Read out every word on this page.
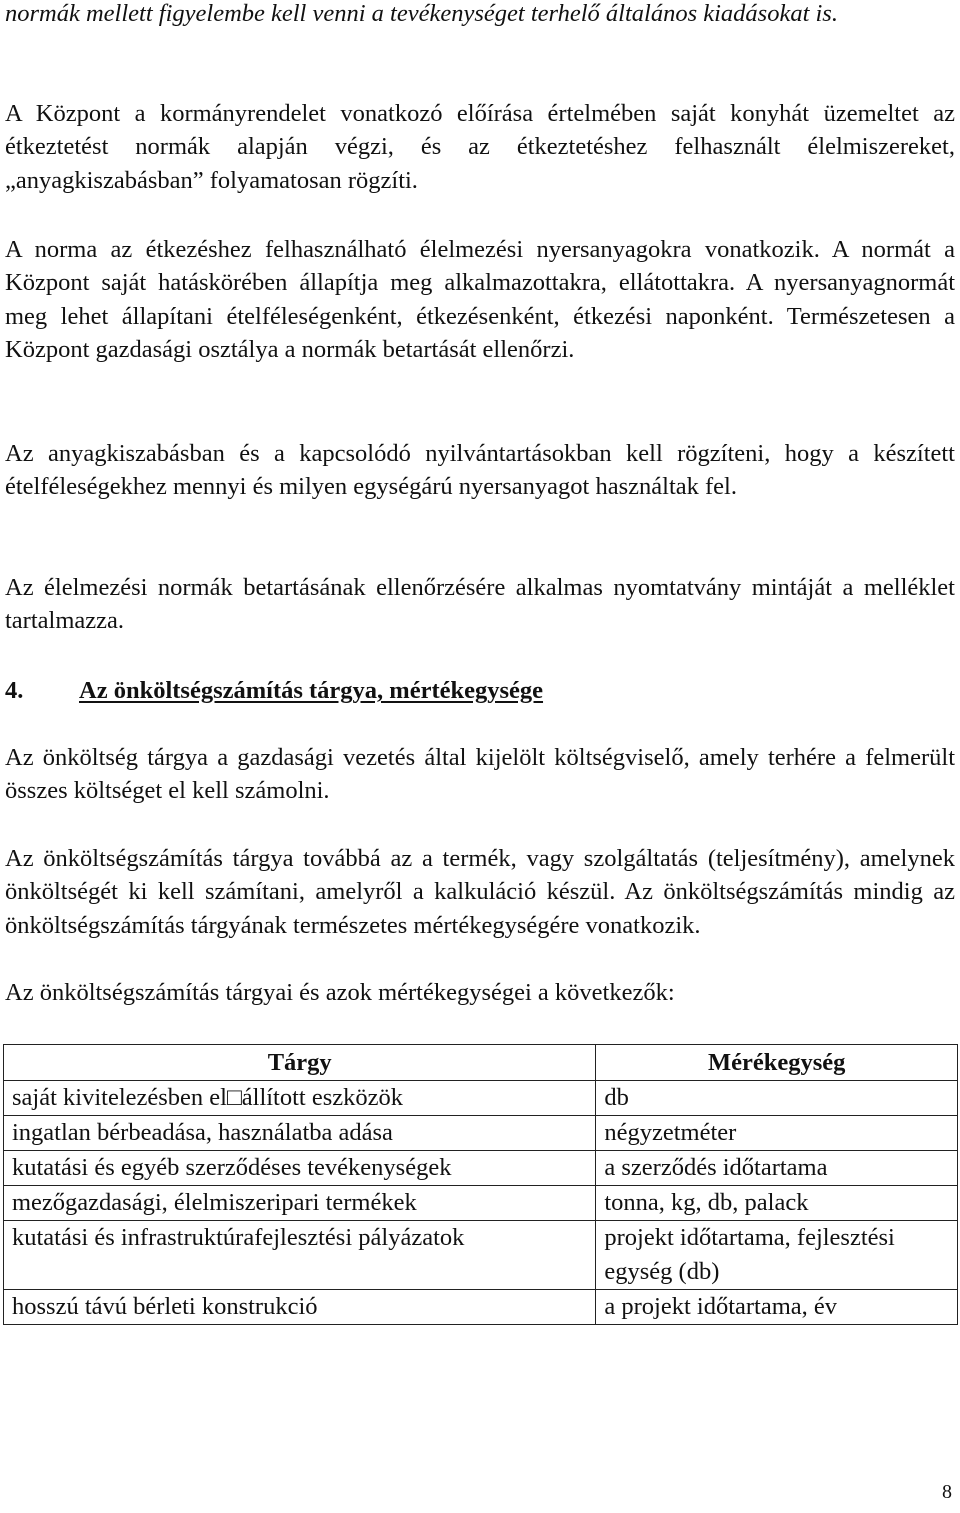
normák mellett figyelembe kell venni a tevékenységet terhelő általános kiadásokat is.

A Központ a kormányrendelet vonatkozó előírása értelmében saját konyhát üzemeltet az étkeztetést normák alapján végzi, és az étkeztetéshez felhasznált élelmiszereket, „anyagkiszabásban” folyamatosan rögzíti.

A norma az étkezéshez felhasználható élelmezési nyersanyagokra vonatkozik. A normát a Központ saját hatáskörében állapítja meg alkalmazottakra, ellátottakra. A nyersanyagnormát meg lehet állapítani ételféleségenként, étkezésenként, étkezési naponként. Természetesen a Központ gazdasági osztálya a normák betartását ellenőrzi.

Az anyagkiszabásban és a kapcsolódó nyilvántartásokban kell rögzíteni, hogy a készített ételféleségekhez mennyi és milyen egységárú nyersanyagot használtak fel.

Az élelmezési normák betartásának ellenőrzésére alkalmas nyomtatvány mintáját a melléklet tartalmazza.

4. Az önköltségszámítás tárgya, mértékegysége

Az önköltség tárgya a gazdasági vezetés által kijelölt költségviselő, amely terhére a felmerült összes költséget el kell számolni.

Az önköltségszámítás tárgya továbbá az a termék, vagy szolgáltatás (teljesítmény), amelynek önköltségét ki kell számítani, amelyről a kalkuláció készül. Az önköltségszámítás mindig az önköltségszámítás tárgyának természetes mértékegységére vonatkozik.

Az önköltségszámítás tárgyai és azok mértékegységei a következők:

Tárgy	Mérékegység
saját kivitelezésben el□állított eszközök	db
ingatlan bérbeadása, használatba adása	négyzetméter
kutatási és egyéb szerződéses tevékenységek	a szerződés időtartama
mezőgazdasági, élelmiszeripari termékek	tonna, kg, db, palack
kutatási és infrastruktúrafejlesztési pályázatok	projekt időtartama, fejlesztési egység (db)
hosszú távú bérleti konstrukció	a projekt időtartama, év
8
